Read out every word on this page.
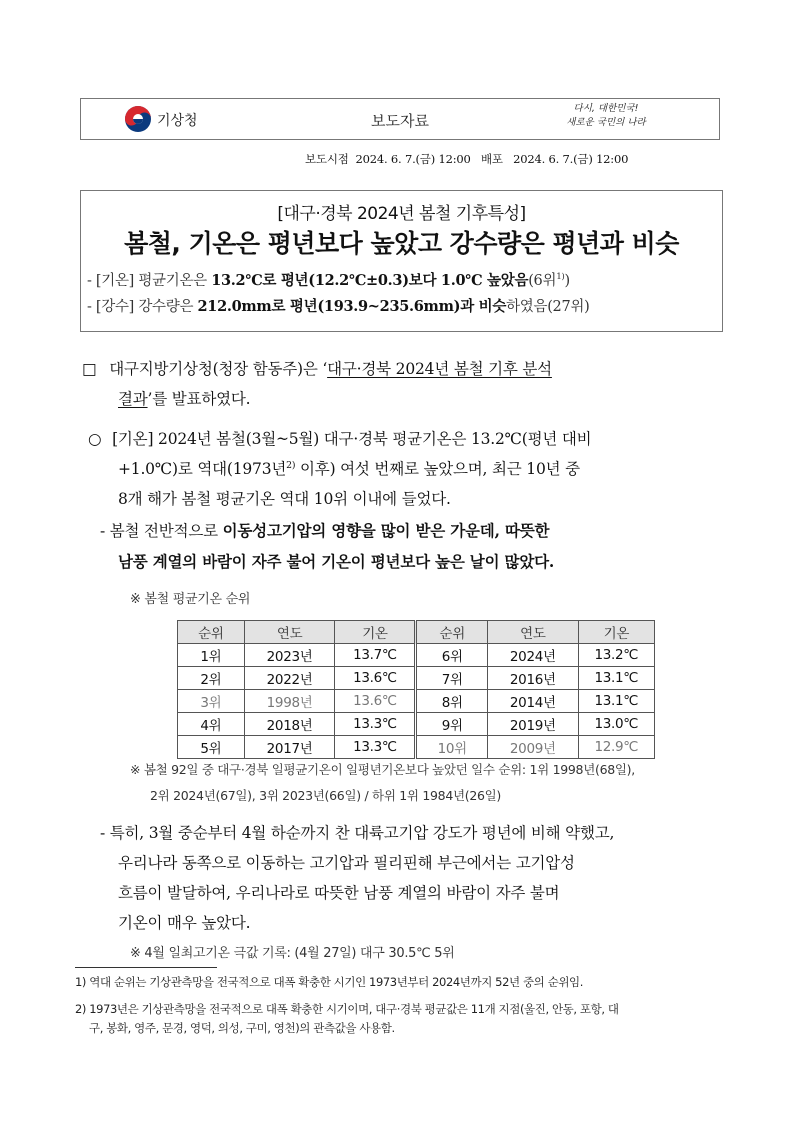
기상청	보도자료
다시, 대한민국!
새로운 국민의 나라
보도시점  2024. 6. 7.(금) 12:00   배포   2024. 6. 7.(금) 12:00
[대구·경북 2024년 봄철 기후특성]
봄철, 기온은 평년보다 높았고 강수량은 평년과 비슷
- [기온] 평균기온은 13.2℃로 평년(12.2℃±0.3)보다 1.0℃ 높았음(6위$^{1)}$)
- [강수] 강수량은 212.0mm로 평년(193.9~235.6mm)과 비슷하였음(27위)
□ 대구지방기상청(청장 함동주)은 ‘대구·경북 2024년 봄철 기후 분석
결과’를 발표하였다.
○ [기온] 2024년 봄철(3월~5월) 대구·경북 평균기온은 13.2℃(평년 대비
+1.0℃)로 역대(1973년$^{2)}$ 이후) 여섯 번째로 높았으며, 최근 10년 중
8개 해가 봄철 평균기온 역대 10위 이내에 들었다.
- 봄철 전반적으로 이동성고기압의 영향을 많이 받은 가운데, 따뜻한
남풍 계열의 바람이 자주 불어 기온이 평년보다 높은 날이 많았다.
※ 봄철 평균기온 순위
순위	연도	기온	순위	연도	기온
1위	2023년	13.7℃	6위	2024년	13.2℃
2위	2022년	13.6℃	7위	2016년	13.1℃
3위	1998년	13.6℃	8위	2014년	13.1℃
4위	2018년	13.3℃	9위	2019년	13.0℃
5위	2017년	13.3℃	10위	2009년	12.9℃
※ 봄철 92일 중 대구·경북 일평균기온이 일평년기온보다 높았던 일수 순위: 1위 1998년(68일),
2위 2024년(67일), 3위 2023년(66일) / 하위 1위 1984년(26일)
- 특히, 3월 중순부터 4월 하순까지 찬 대륙고기압 강도가 평년에 비해 약했고,
우리나라 동쪽으로 이동하는 고기압과 필리핀해 부근에서는 고기압성
흐름이 발달하여, 우리나라로 따뜻한 남풍 계열의 바람이 자주 불며
기온이 매우 높았다.
※ 4월 일최고기온 극값 기록: (4월 27일) 대구 30.5℃ 5위
1) 역대 순위는 기상관측망을 전국적으로 대폭 확충한 시기인 1973년부터 2024년까지 52년 중의 순위임.
2) 1973년은 기상관측망을 전국적으로 대폭 확충한 시기이며, 대구·경북 평균값은 11개 지점(울진, 안동, 포항, 대
구, 봉화, 영주, 문경, 영덕, 의성, 구미, 영천)의 관측값을 사용함.
